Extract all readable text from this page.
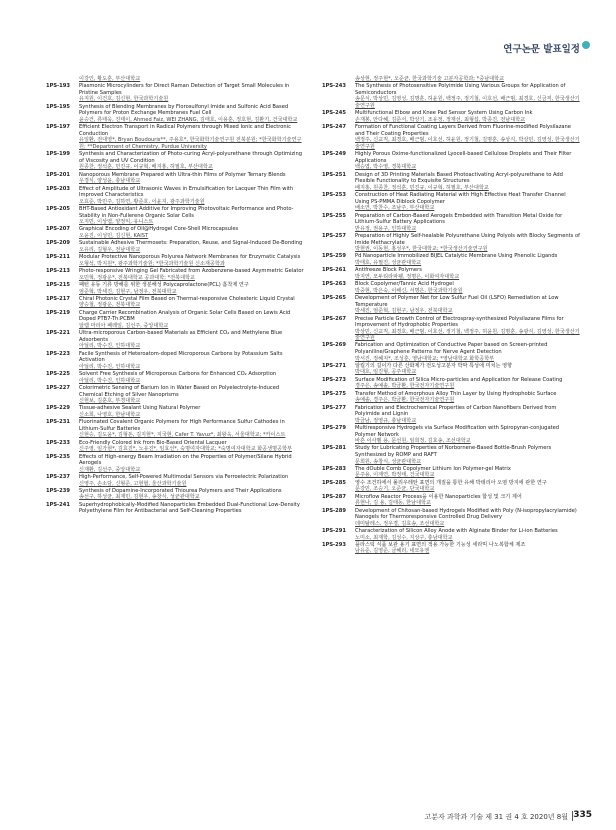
연구논문 발표일정
이강인, 황도훈, 부산대학교
1PS-193	Plasmonic Microcylinders for Direct Raman Detection of Target Small Molecules in Pristine Samples
유지원, 이건호, 김신현, 한국과학기술원
1PS-195	Synthesis of Blending Membranes by Florosulfonyl Imide and Sulfonic Acid Based Polymers for Proton Exchange Membranes Fuel Cell
윤승건, 류태욱, 진태이, Ahmed Faiz, WEI ZHANG, 김태호, 이용훈, 정호현, 김환기, 건국대학교
1PS-197	Efficient Electron Transport in Radical Polymers through Mixed Ionic and Electronic Conduction
유일환, 전대영*, Bryan Boudouris**, 주용호*, 한국화학기술연구원 전북분원; *한국화학기술연구원; **Department of Chemistry, Purdue University
1PS-199	Synthesis and Characterization of Photo-curing Acryl-polyurethane through Optimizing of Viscosity and UV Condition
원종찬, 정석훈, 민진규, 이규혁, 배지홍, 허필호, 부산대학교
1PS-201	Nanoporous Membrane Prepared with Ultra-thin Films of Polymer Ternary Blends
우경식, 양성윤, 충남대학교
1PS-203	Effect of Amplitude of Ultrasonic Waves in Emulsification for Lacquer Thin Film with Improved Characteristics
오효준, 박민주, 김하연, 황준호, 이윤지, 광주과학기술원
1PS-205	BHT-Based Antioxidant Additive for Improving Photovoltaic Performance and Photo-Stability in Non-Fullerene Organic Solar Cells
오지민, 이상엽, 양정익, 유니스트
1PS-207	Graphical Encoding of Oil@Hydrogel Core-Shell Microcapsules
오윤진, 이성민, 김신현, KAIST
1PS-209	Sustainable Adhesive Thermosets: Preparation, Reuse, and Signal-Induced De-Bonding
오유리, 김형우, 전남대학교
1PS-211	Modular Protective Nanoporous Polyurea Network Membranes for Enzymatic Catalysis
오형석, 박지원*, 광주과학기술원; *한국과학기술원 신소재공학과
1PS-213	Photo-responsive Wringing Gel Fabricated from Azobenzene-based Asymmetric Gelator
오민혁, 정광운*, 전북대학교 공과대학; *전북대학교
1PS-215	패턴 유동 기류 방해를 위한 생분해성 Polycaprolactone(PCL) 흡착제 연구
엄준혁, 박세진, 김현구, 남정우, 전북대학교
1PS-217	Chiral Photonic Crystal Film Based on Thermal-responsive Cholesteric Liquid Crystal
양승철, 정광운, 전북대학교
1PS-219	Charge Carrier Recombination Analysis of Organic Solar Cells Based on Lewis Acid Doped PTB7-Th:PCBM
알렙 마리아 페레일, 김선주, 중앙대학교
1PS-221	Ultra-microporous Carbon-based Materials as Efficient CO₂ and Methylene Blue Adsorbents
아딜리, 박수진, 인하대학교
1PS-223	Facile Synthesis of Heteroatom-doped Microporous Carbons by Potassium Salts Activation
아딜리, 박수진, 인하대학교
1PS-225	Solvent Free Synthesis of Microporous Carbons for Enhanced CO₂ Adsorption
아딜리, 박수진, 인하대학교
1PS-227	Colorimetric Sensing of Barium Ion in Water Based on Polyelectrolyte-Induced Chemical Etching of Silver Nanoprisms
신현보, 김훈호, 부경대학교
1PS-229	Tissue-adhesive Sealant Using Natural Polymer
신소희, 나영호, 한남대학교
1PS-231	Fluorinated Covalent Organic Polymers for High Performance Sulfur Cathodes in Lithium-Sulfur Batteries
신현승, 김도윤*, 김형돈, 김지현*, 지국현, Cafer T. Yavuz*, 최왕욱, 서울대학교; *카이스트
1PS-233	Eco-Friendly Colored Ink from Bio-Based Oriental Lacquer
신주영, 임가현*, 김효진*, 노유진*, 임효선*, 숙명여자대학교; *숙명여자대학교 화공생명공학부
1PS-235	Effects of High-energy Beam Irradiation on the Properties of Polymer/Silane Hybrid Aerogels
신재환, 김선주, 중앙대학교
1PS-237	High-Performance, Self-Powered Multimodal Sensors via Ferroelectric Polarization
신영주, 손소담, 신형준, 고현협, 울산과학기술원
1PS-239	Synthesis of Dopamine-Incorporated Thiourea Polymers and Their Applications
송선구, 하성균, 최재민, 김현우, 송창식, 성균관대학교
1PS-241	Superhydrophobically-Modified Nanoparticles Embedded Dual-Functional Low-Density Polyethylene Film for Antibacterial and Self-Cleaning Properties
송상현, 정주현*, 오준균, 한국과학기술 고분자공학과; *중남대학교
1PS-243	The Synthesis of Photosensitive Polyimide Using Various Groups for Application of Semiconductors
송문식, 박상민, 김영성, 김명훈, 허윤원, 백정주, 정기철, 이호선, 배근범, 최경호, 신금직, 한국생산기술연구원
1PS-245	Multifunctional Elbow and Knee Pad Sensor System Using Carbon Ink
손재봉, 안다혜, 김준서, 박상기, 조유정, 정재선, 최형섭, 박종진, 전남대학교
1PS-247	Formation of Functional Coating Layers Derived from Fluorine-modified Polysilazane and Their Coating Properties
백정주, 신교직, 최경호, 배근범, 이호선, 허윤원, 정기철, 김명훈, 송상식, 박상민, 김영성, 한국생산기술연구원
1PS-249	Highly Porous Oxime-functionalized Lyocell-based Cellulose Droplets and Their Filter Applications
백승엽, 박수영, 경북대학교
1PS-251	Design of 3D Printing Materials Based Photoactivating Acryl-polyurethane to Add Flexible Functionality to Exquisite Structures
배지홍, 원종찬, 정석훈, 민진규, 이규혁, 허필호, 부산대학교
1PS-253	Construction of Heat Radiating Material with High Effective Heat Transfer Channel Using PS-PMMA Diblock Copolymer
배소연, 박찬수, 조남주, 부산대학교
1PS-255	Preparation of Carbon-Based Aerogels Embedded with Transition Metal Oxide for Lithium-Sulfur Battery Applications
반유정, 권용구, 인하대학교
1PS-257	Preparation of Highly Self-healable Polyurethane Using Polyols with Blocky Segments of Imide Methacrylate
박현권, 이동현, 홍성우*, 한국대학교; *한국생산기술연구원
1PS-259	Pd Nanoparticle Immobilized BIJEL Catalytic Membrane Using Phenolic Ligands
박태호, 유필진, 성균관대학교
1PS-261	Antifreeze Block Polymers
박지연, 모두티라파웰, 정명은, 이화여자대학교
1PS-263	Block Copolymer/Tannic Acid Hydrogel
박중현, 박은숙, 이해신, 서명은, 한국과학기술원
1PS-265	Development of Polymer Net for Low Sulfur Fuel Oil (LSFO) Remediation at Low Temperature
박세진, 엄준혁, 김현구, 남정우, 전북대학교
1PS-267	Precise Particle Growth Control of Electrospray-synthesized Polysilazane Films for Improvement of Hydrophobic Properties
박상민, 신교직, 최경호, 배근범, 이호선, 정기철, 백정주, 허윤원, 김명훈, 송광식, 김영성, 한국생산기술연구원
1PS-269	Fabrication and Optimization of Conductive Paper based on Screen-printed Polyaniline/Graphene Patterns for Nerve Agent Detection
박서진, 정혜지*, 조성훈, 영남대학교; *영남대학교 화학공학부
1PS-271	알킬기의 길이가 다른 산화제가 전도성고분자 박막 특성에 미치는 영향
박대호, 임진형, 공주대학교
1PS-273	Surface Modification of Silica Micro-particles and Application for Release Coating
경주은, 송예솔, 박금환, 한국전자기술연구원
1PS-275	Transfer Method of Amorphous Alloy Thin Layer by Using Hydrophobic Surface
송예솔, 경주은, 박금환, 한국전자기술연구원
1PS-277	Fabrication and Electrochemical Properties of Carbon Nanofibers Derived from Polyimide and Lignin
박금남, 정영규, 충남대학교
1PS-279	Multiresponsive Hydrogels via Surface Modification with Spiropyran-conjugated Polymer Network
바흔 이사벨 용, 문선원, 임희정, 김효송, 조선대학교
1PS-281	Study for Lubricating Properties of Norbornene-Based Bottle-Brush Polymers Synthesized by ROMP and RAFT
문희원, 송창식, 성균관대학교
1PS-283	The dOuble Comb Copolymer Lithium Ion Polymer-gel Matrix
문주용, 이재연, 박정태, 건국대학교
1PS-285	영수 조건하에서 폴리우레탄 표면의 개질을 통한 유해 박테리아 오염 방지에 관한 연구
문강민, 조승기, 오준균, 단국대학교
1PS-287	Microflow Reactor Process을 이용한 Nanoparticles 합성 및 크기 제어
류현나, 김 용, 김태동, 한남대학교
1PS-289	Development of Chitosan-based Hydrogels Modified with Poly (N-isopropylacrylamide) Nanogels for Thermoresponsive Controlled Drug Delivery
데미탈레스, 정우경, 김효송, 조선대학교
1PS-291	Characterization of Silicon Alloy Anode with Alginate Binder for Li-ion Batteries
노미소, 최재학, 김성수, 지상구, 충남대학교
1PS-293	플라스틱 식품 보관 용기 표면의 적용 가능한 기능성 세라믹 나노복합체 제조
남유준, 김영준, 금혜리, 네모유엔
고분자 과학과 기술 제 31 권 4 호 2020년 8월 335
